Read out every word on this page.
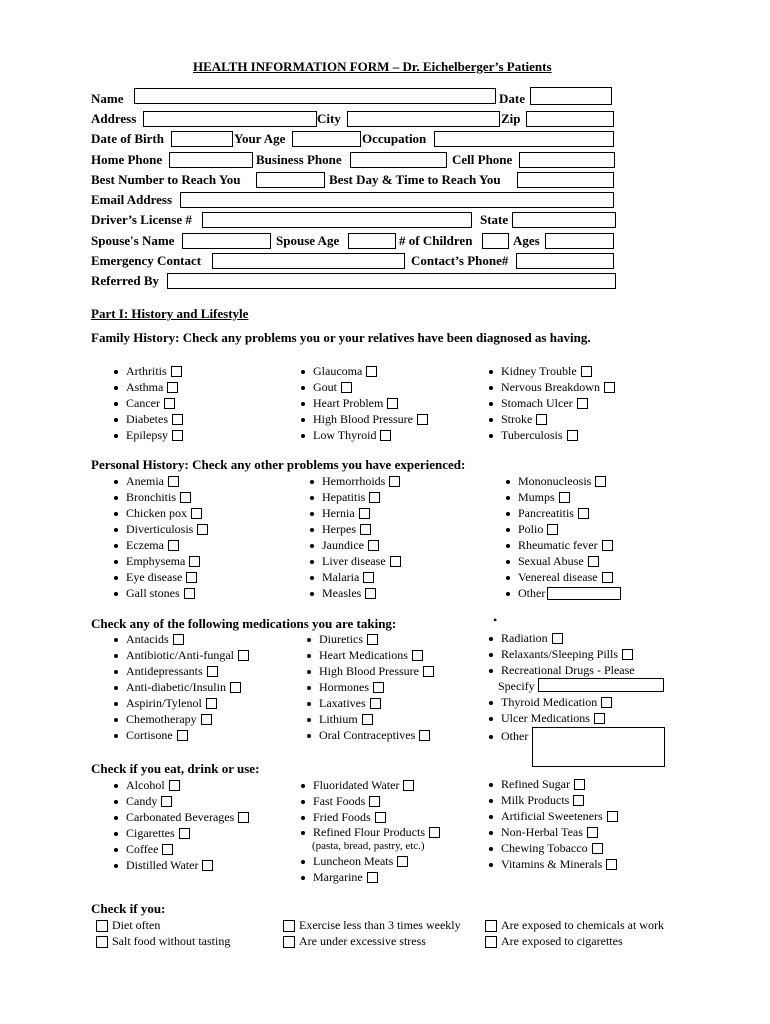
HEALTH INFORMATION FORM – Dr. Eichelberger’s Patients
Name	Date
Address	City	Zip
Date of Birth	Your Age	Occupation
Home Phone	Business Phone	Cell Phone
Best Number to Reach You	Best Day & Time to Reach You
Email Address
Driver’s License #	State
Spouse's Name	Spouse Age	# of Children	Ages
Emergency Contact	Contact’s Phone#
Referred By
Part I: History and Lifestyle
Family History: Check any problems you or your relatives have been diagnosed as having.
Arthritis
Asthma
Cancer
Diabetes
Epilepsy
Glaucoma
Gout
Heart Problem
High Blood Pressure
Low Thyroid
Kidney Trouble
Nervous Breakdown
Stomach Ulcer
Stroke
Tuberculosis
Personal History: Check any other problems you have experienced:
Anemia
Bronchitis
Chicken pox
Diverticulosis
Eczema
Emphysema
Eye disease
Gall stones
Hemorrhoids
Hepatitis
Hernia
Herpes
Jaundice
Liver disease
Malaria
Measles
Mononucleosis
Mumps
Pancreatitis
Polio
Rheumatic fever
Sexual Abuse
Venereal disease
Other
Check any of the following medications you are taking:	•
Antacids
Antibiotic/Anti-fungal
Antidepressants
Anti-diabetic/Insulin
Aspirin/Tylenol
Chemotherapy
Cortisone
Diuretics
Heart Medications
High Blood Pressure
Hormones
Laxatives
Lithium
Oral Contraceptives
Radiation
Relaxants/Sleeping Pills
Recreational Drugs - Please
Thyroid Medication
Ulcer Medications
Other
Specify
Check if you eat, drink or use:
Alcohol
Candy
Carbonated Beverages
Cigarettes
Coffee
Distilled Water
Fluoridated Water
Fast Foods
Fried Foods
Refined Flour Products
Luncheon Meats
Margarine
Refined Sugar
Milk Products
Artificial Sweeteners
Non-Herbal Teas
Chewing Tobacco
Vitamins & Minerals
(pasta, bread, pastry, etc.)
Check if you:
Diet often
Salt food without tasting
Exercise less than 3 times weekly
Are under excessive stress
Are exposed to chemicals at work
Are exposed to cigarettes
